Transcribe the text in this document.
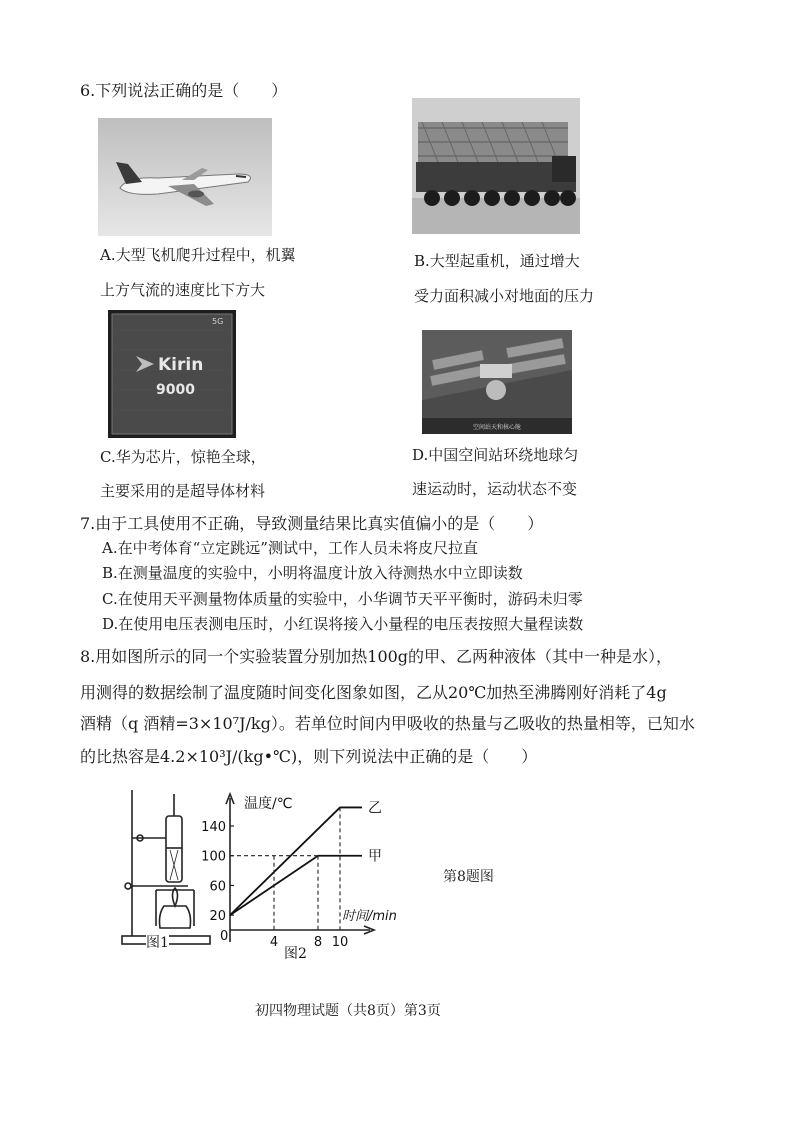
6.下列说法正确的是（　　）
A.大型飞机爬升过程中，机翼
上方气流的速度比下方大
B.大型起重机，通过增大
受力面积减小对地面的压力
Kirin
9000
5G
空间站天和核心舱
C.华为芯片，惊艳全球，
主要采用的是超导体材料
D.中国空间站环绕地球匀
速运动时，运动状态不变
7.由于工具使用不正确，导致测量结果比真实值偏小的是（　　）
A.在中考体育“立定跳远”测试中，工作人员未将皮尺拉直
B.在测量温度的实验中，小明将温度计放入待测热水中立即读数
C.在使用天平测量物体质量的实验中，小华调节天平平衡时，游码未归零
D.在使用电压表测电压时，小红误将接入小量程的电压表按照大量程读数
8.用如图所示的同一个实验装置分别加热100g的甲、乙两种液体（其中一种是水），
用测得的数据绘制了温度随时间变化图象如图，乙从20℃加热至沸腾刚好消耗了4g
酒精（q 酒精=3×10⁷J/kg）。若单位时间内甲吸收的热量与乙吸收的热量相等，已知水
的比热容是4.2×10³J/(kg•℃)，则下列说法中正确的是（　　）
图1
温度/℃
时间/min
0
20
60
100
140
4	8 10
乙
甲
图2
第8题图
初四物理试题（共8页）第3页
